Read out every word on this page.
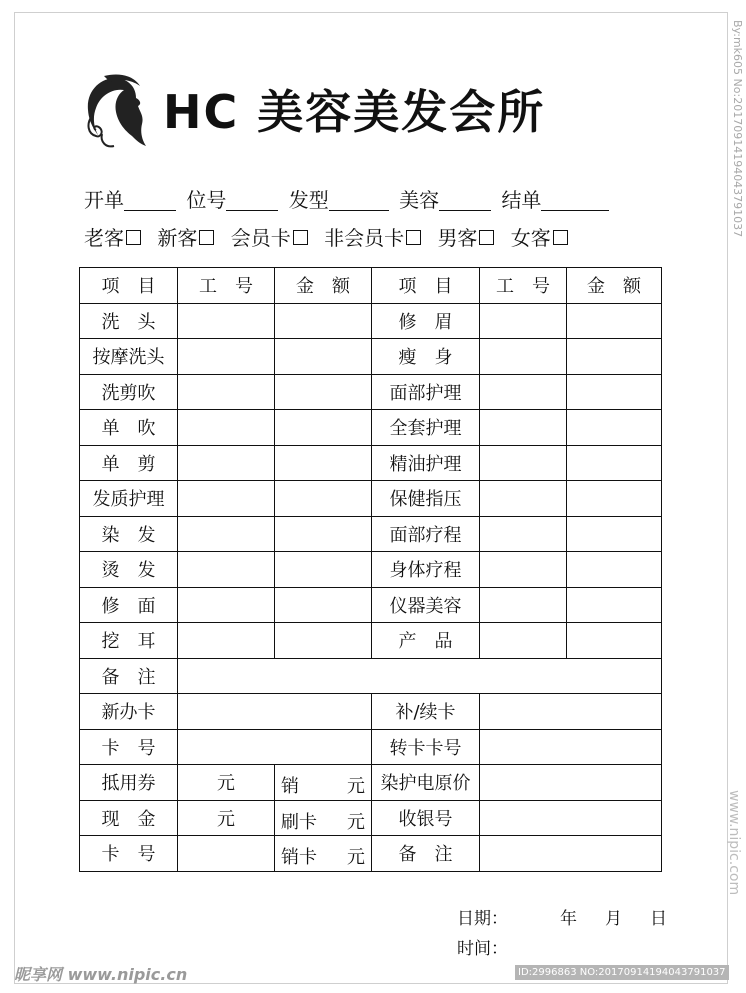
HC 美容美发会所
开单	位号	发型	美容	结单
老客 新客 会员卡 非会员卡 男客 女客
项　目	工　号	金　额	项　目	工　号	金　额
洗　头			修　眉		
按摩洗头			瘦　身		
洗剪吹			面部护理		
单　吹			全套护理		
单　剪			精油护理		
发质护理			保健指压		
染　发			面部疗程		
烫　发			身体疗程		
修　面			仪器美容		
挖　耳			产　品		
备　注					
新办卡			补/续卡		
卡　号			转卡卡号		
抵用券	元	销 元	染护电原价		
现　金	元	刷卡 元	收银号		
卡　号		销卡 元	备　注		
日期：	年 月 日
时间：
昵享网 www.nipic.cn	ID:2996863 NO:20170914194043791037
By:mk605 No:20170914194043791037
www.nipic.com
